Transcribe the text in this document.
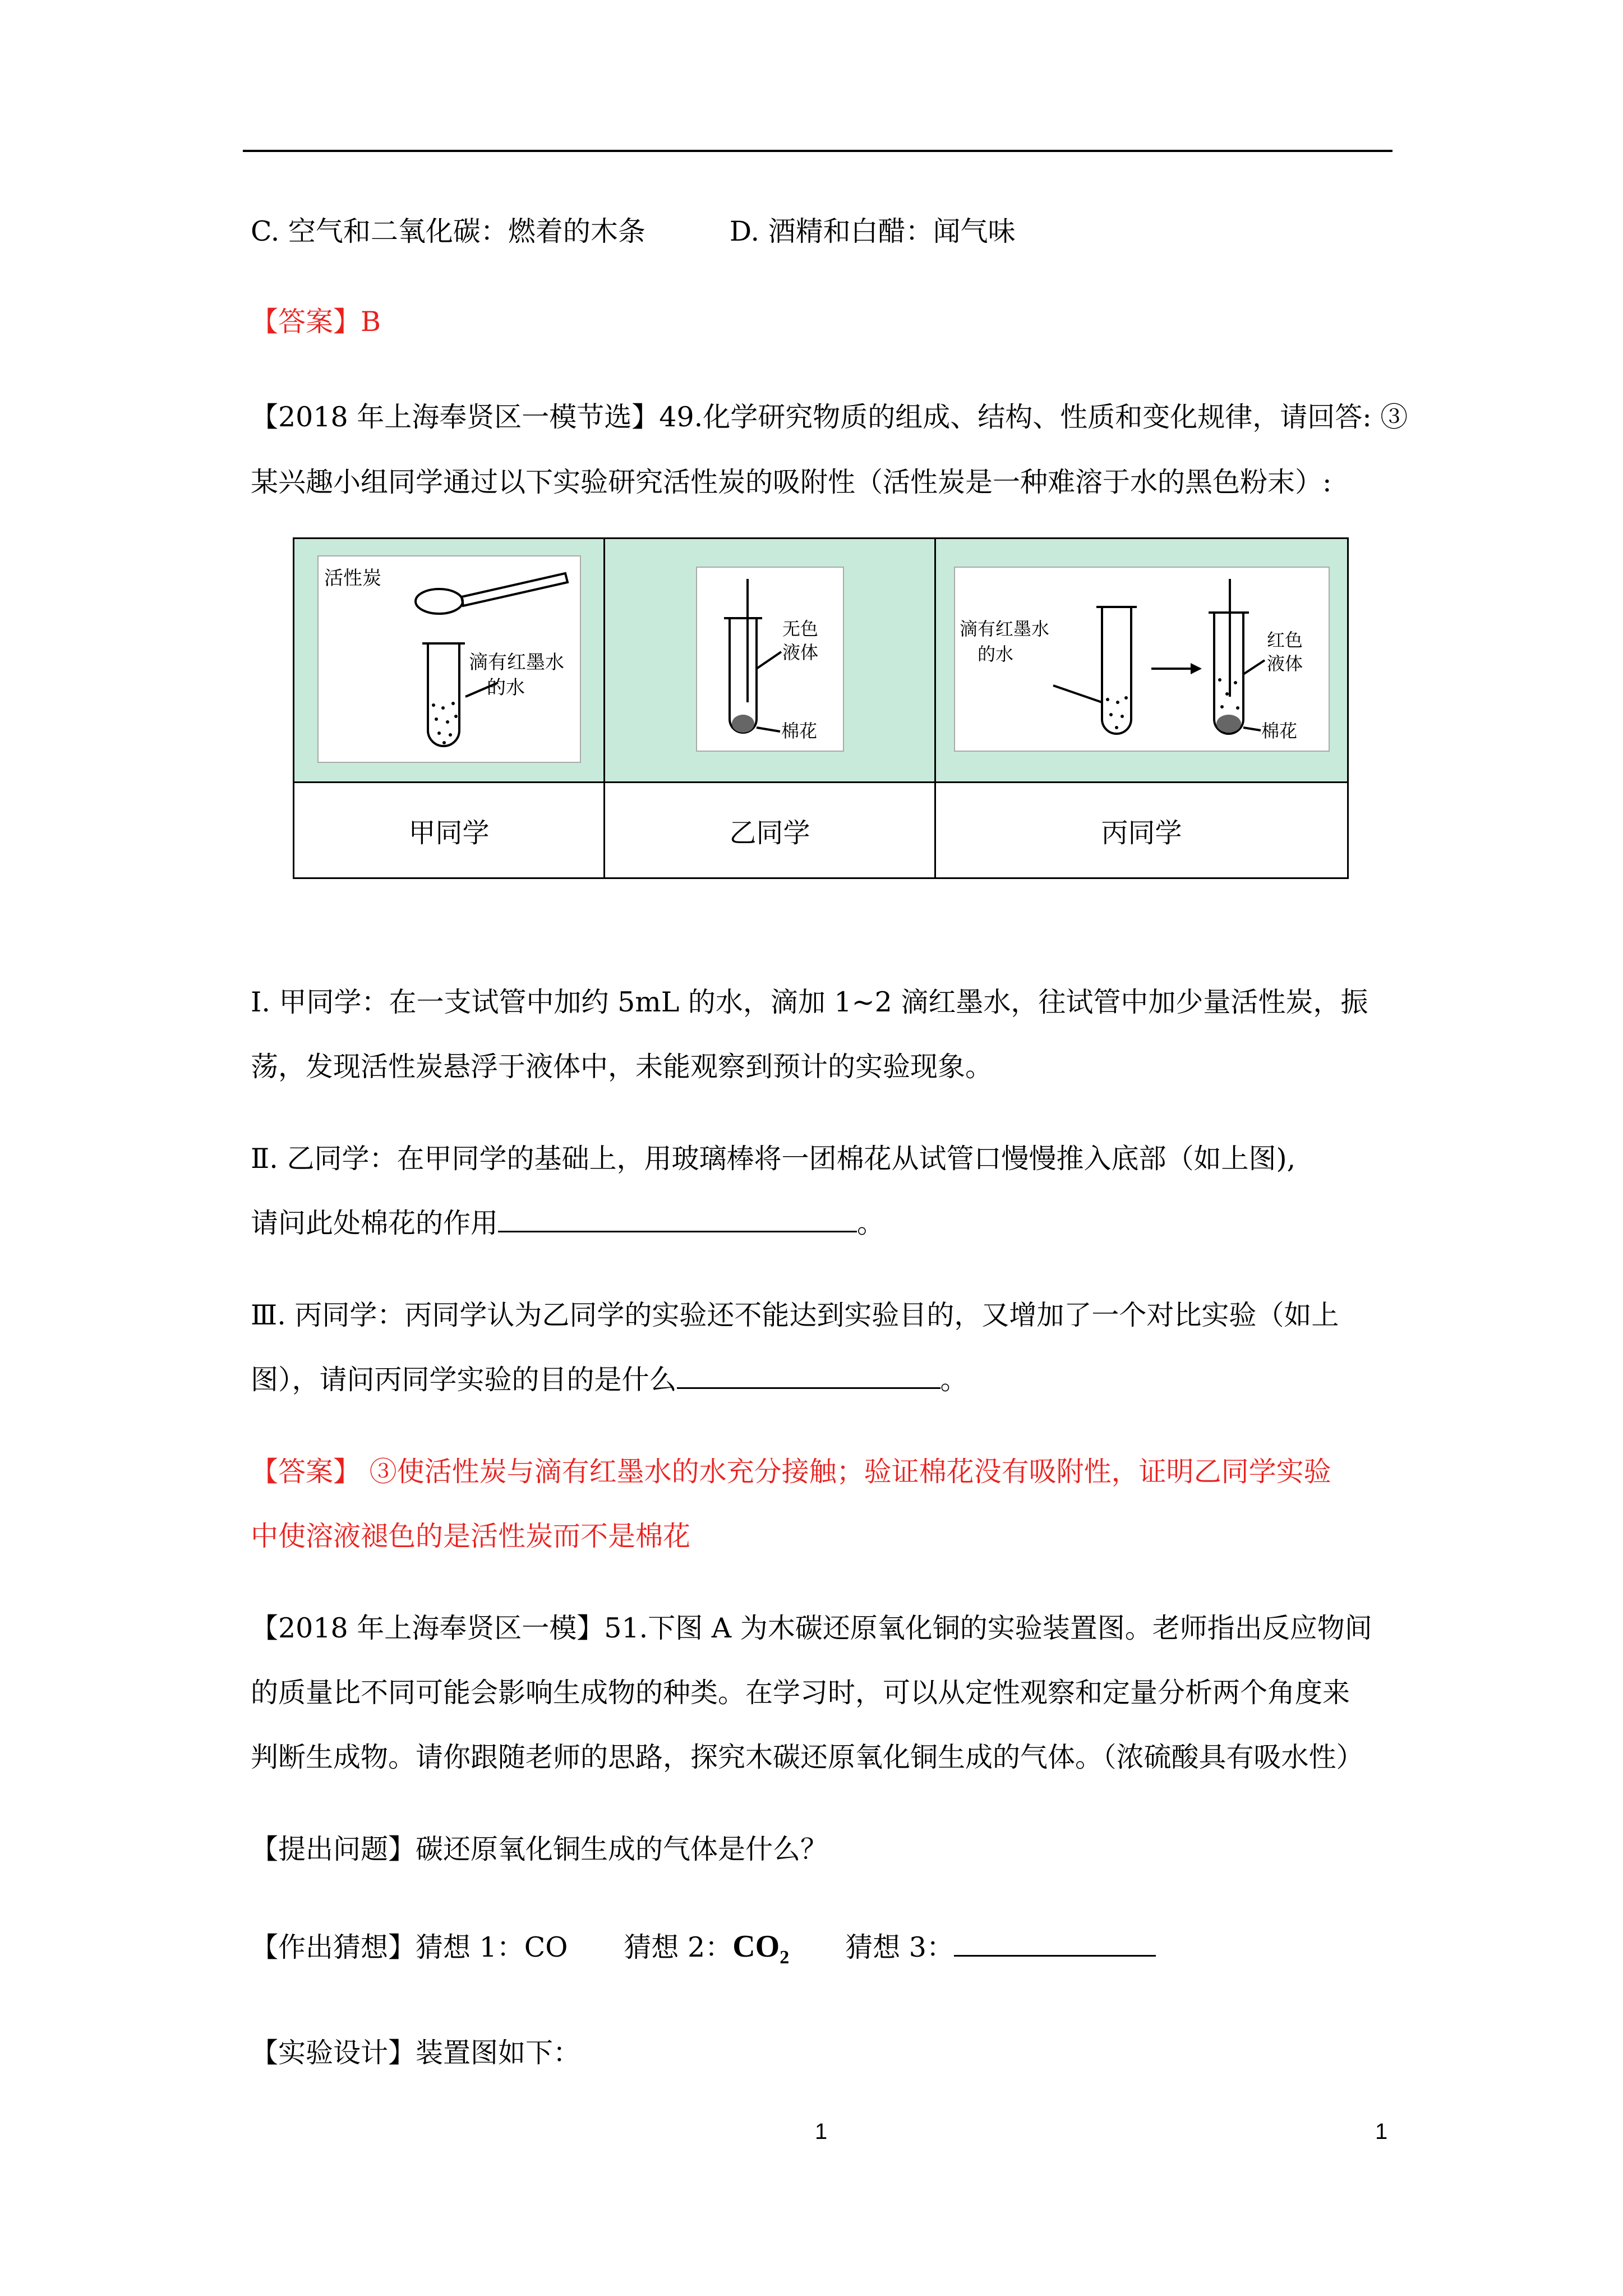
C. 空气和二氧化碳：燃着的木条	D. 酒精和白醋：闻气味
【答案】B
【2018 年上海奉贤区一模节选】49.化学研究物质的组成、结构、性质和变化规律，请回答: ③
某兴趣小组同学通过以下实验研究活性炭的吸附性（活性炭是一种难溶于水的黑色粉末）:
活性炭
滴有红墨水
的水	无色
液体
棉花	滴有红墨水
的水
红色
液体
棉花

甲同学	乙同学	丙同学
Ⅰ. 甲同学：在一支试管中加约 5mL 的水，滴加 1~2 滴红墨水，往试管中加少量活性炭，振
荡，发现活性炭悬浮于液体中，未能观察到预计的实验现象。
Ⅱ. 乙同学：在甲同学的基础上，用玻璃棒将一团棉花从试管口慢慢推入底部（如上图),
请问此处棉花的作用	。
Ⅲ. 丙同学：丙同学认为乙同学的实验还不能达到实验目的，又增加了一个对比实验（如上
图），请问丙同学实验的目的是什么	。
【答案】 ③使活性炭与滴有红墨水的水充分接触；验证棉花没有吸附性，证明乙同学实验
中使溶液褪色的是活性炭而不是棉花
【2018 年上海奉贤区一模】51.下图 A 为木碳还原氧化铜的实验装置图。老师指出反应物间
的质量比不同可能会影响生成物的种类。在学习时，可以从定性观察和定量分析两个角度来
判断生成物。请你跟随老师的思路，探究木碳还原氧化铜生成的气体。（浓硫酸具有吸水性）
【提出问题】碳还原氧化铜生成的气体是什么？
【作出猜想】猜想 1：CO 猜想 2：$CO_2$ 猜想 3：
【实验设计】装置图如下：
1	1
